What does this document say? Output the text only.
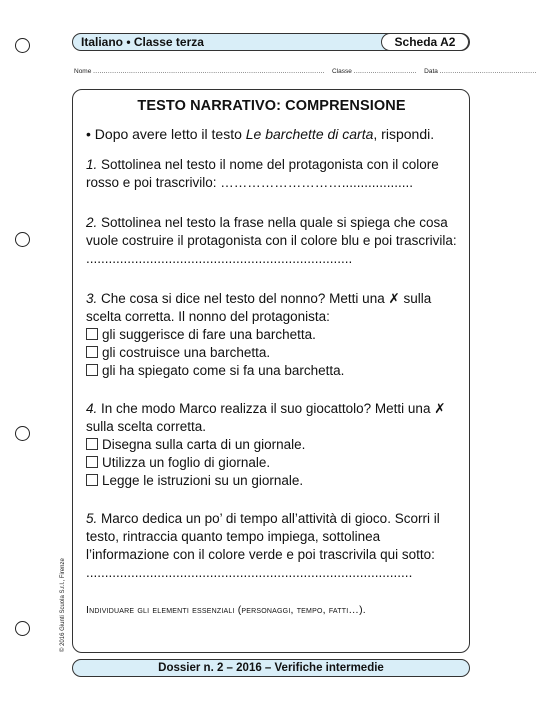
Italiano • Classe terza	Scheda A2
Nome .............................................................................................................. Classe .............................. Data ..............................................
TESTO NARRATIVO: COMPRENSIONE
• Dopo avere letto il testo Le barchette di carta, rispondi.
1. Sottolinea nel testo il nome del protagonista con il colore rosso e poi trascrivilo: ………………………...................
2. Sottolinea nel testo la frase nella quale si spiega che cosa vuole costruire il protagonista con il colore blu e poi trascrivila: .......................................................................
3. Che cosa si dice nel testo del nonno? Metti una ✗ sulla scelta corretta. Il nonno del protagonista:
gli suggerisce di fare una barchetta.
gli costruisce una barchetta.
gli ha spiegato come si fa una barchetta.
4. In che modo Marco realizza il suo giocattolo? Metti una ✗ sulla scelta corretta.
Disegna sulla carta di un giornale.
Utilizza un foglio di giornale.
Legge le istruzioni su un giornale.
5. Marco dedica un po’ di tempo all’attività di gioco. Scorri il testo, rintraccia quanto tempo impiega, sottolinea l’informazione con il colore verde e poi trascrivila qui sotto: .......................................................................................
Individuare gli elementi essenziali (personaggi, tempo, fatti…).
Dossier n. 2 – 2016 – Verifiche intermedie
© 2016 Giunti Scuola S.r.l., Firenze
